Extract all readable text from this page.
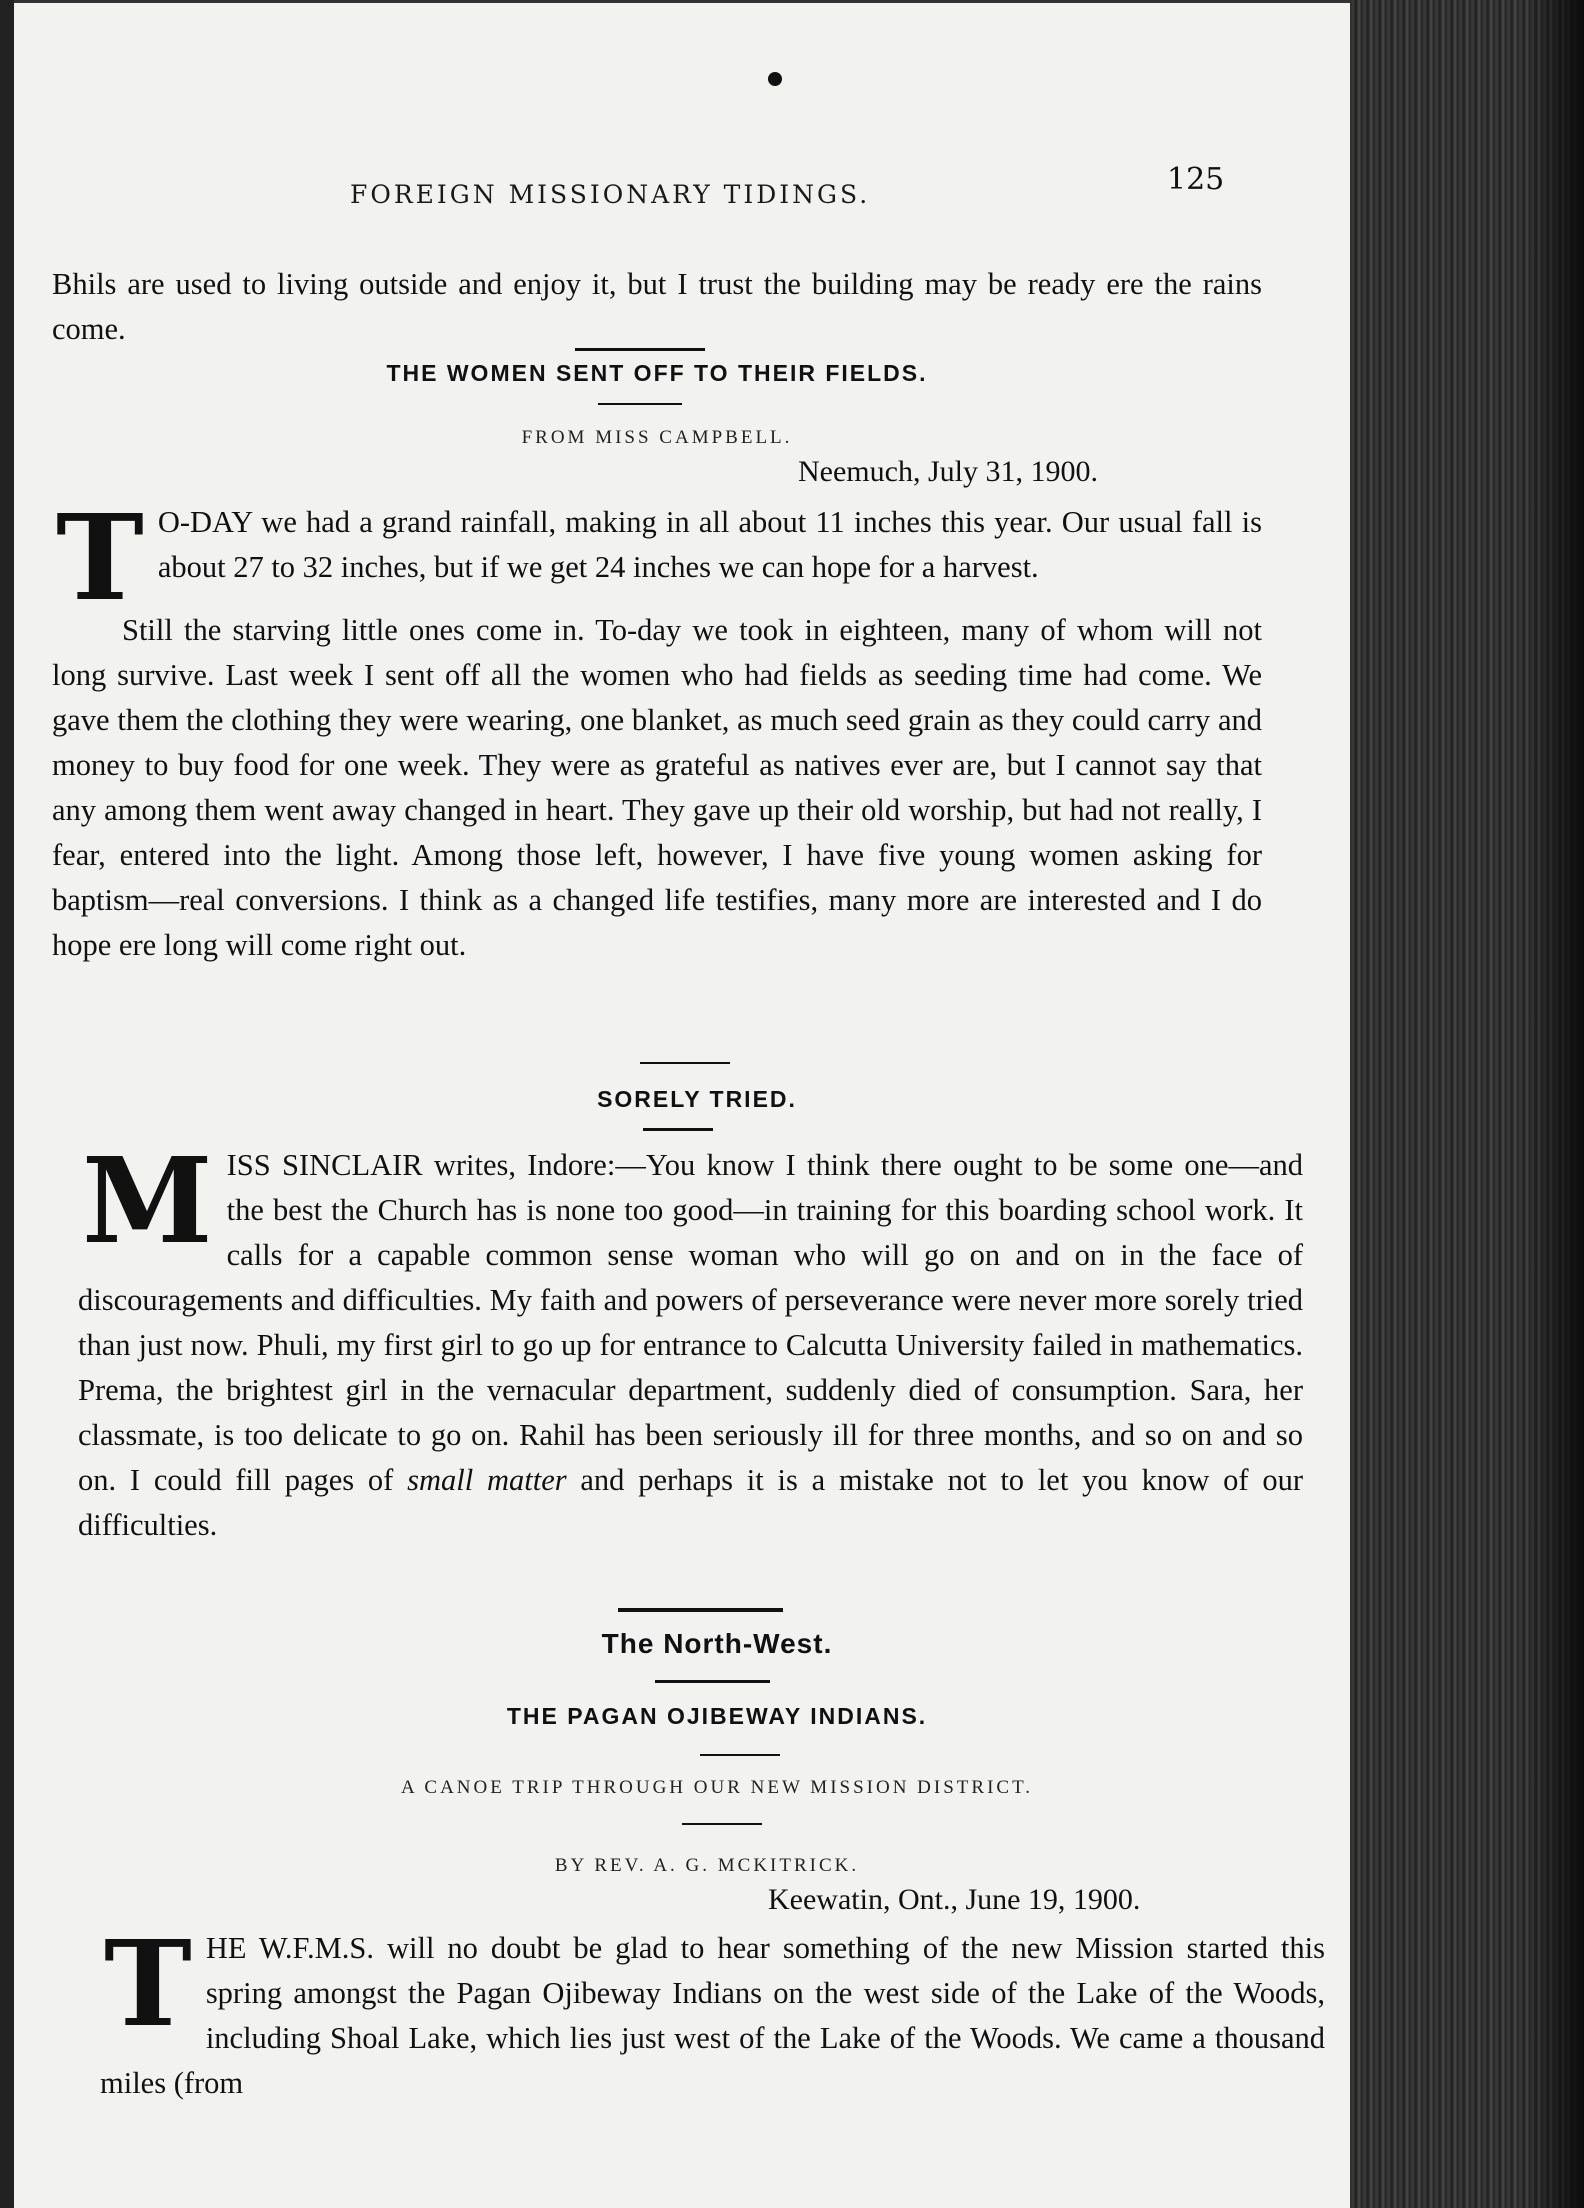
FOREIGN MISSIONARY TIDINGS.	125

Bhils are used to living outside and enjoy it, but I trust the building may be ready ere the rains come.

THE WOMEN SENT OFF TO THEIR FIELDS.
FROM MISS CAMPBELL.
Neemuch, July 31, 1900.

T O-DAY we had a grand rainfall, making in all about 11 inches this year. Our usual fall is about 27 to 32 inches, but if we get 24 inches we can hope for a harvest.

Still the starving little ones come in. To-day we took in eighteen, many of whom will not long survive. Last week I sent off all the women who had fields as seeding time had come. We gave them the clothing they were wearing, one blanket, as much seed grain as they could carry and money to buy food for one week. They were as grateful as natives ever are, but I cannot say that any among them went away changed in heart. They gave up their old worship, but had not really, I fear, entered into the light. Among those left, however, I have five young women asking for baptism—real conversions. I think as a changed life testifies, many more are interested and I do hope ere long will come right out.

SORELY TRIED.

MISS SINCLAIR writes, Indore:—You know I think there ought to be some one—and the best the Church has is none too good—in training for this boarding school work. It calls for a capable common sense woman who will go on and on in the face of discouragements and difficulties. My faith and powers of perseverance were never more sorely tried than just now. Phuli, my first girl to go up for entrance to Calcutta University failed in mathematics. Prema, the brightest girl in the vernacular department, suddenly died of consumption. Sara, her classmate, is too delicate to go on. Rahil has been seriously ill for three months, and so on and so on. I could fill pages of small matter and perhaps it is a mistake not to let you know of our difficulties.

The North-West.
THE PAGAN OJIBEWAY INDIANS.
A CANOE TRIP THROUGH OUR NEW MISSION DISTRICT.
BY REV. A. G. MCKITRICK.
Keewatin, Ont., June 19, 1900.

THE W.F.M.S. will no doubt be glad to hear something of the new Mission started this spring amongst the Pagan Ojibeway Indians on the west side of the Lake of the Woods, including Shoal Lake, which lies just west of the Lake of the Woods. We came a thousand miles (from
